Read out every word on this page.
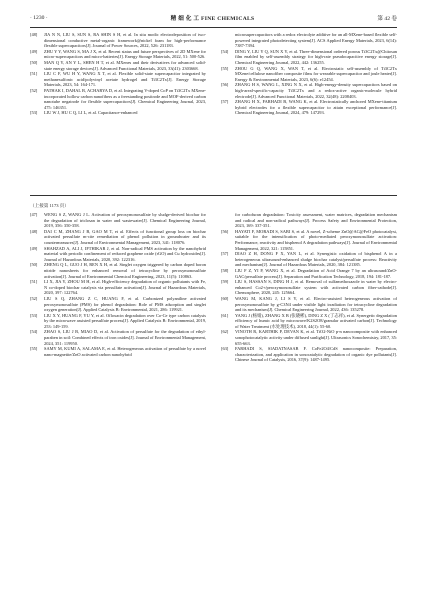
· 1230 ·	精 细 化 工 FINE CHEMICALS	第 42 卷
[48]	JIA N N, LIU S, SUN S, RA SHIN S H, et al. In situ modic electrodeposition of two-dimensional conductive metal-organic framework@nickel foam for high-performance flexible supercapacitors[J]. Journal of Power Sources, 2022, 526: 231183.
[49]	ZHU Y Y, WANG S, MA J X, et al. Recent status and future perspectives of 2D MXene for micro-supercapacitors and micro-batteries[J]. Energy Storage Materials, 2022, 51: 500-526.
[50]	MAN Q Y, AN Y L, SHEN H T, et al. MXenes and their derivatives for advanced solid-state energy storage devices[J]. Advanced Functional Materials, 2023, 33(41): 2303668.
[51]	LIU C F, WU H Y, WANG X T, et al. Flexible solid-state supercapacitor integrated by methanesulfonic acid/polyvinyl acetate hydrogel and Ti3C2Tx[J]. Energy Storage Materials, 2023, 54: 164-171.
[52]	PATHAK I, DAHAL B, ACHARYA D, et al. Integrating V-doped CoP on Ti3C2Tx MXene-incorporated hollow carbon nanofibers as a freestanding positrode and MOF-derived carbon nanotube negatrode for flexible supercapacitors[J]. Chemical Engineering Journal, 2023, 475: 146351.
[53]	LIU W J, HU C Q, LI L, et al. Capacitance-enhanced
microsupercapacitors with a redox electrolyte additive for an all-MXene-based flexible self-powered integrated photodetecting system[J]. ACS Applied Energy Materials, 2023, 6(14): 7387-7394.
[54]	DING Y, LIU Y Q, SUN X Y, et al. Three-dimensional ordered porous Ti3C2Tx@Chitosan film enabled by self-assembly strategy for high-rate pseudocapacitive energy storage[J]. Chemical Engineering Journal, 2022, 442: 136255.
[55]	ZHOU G Q, WANG X, WAN T, et al. Electrostatic self-assembly of Ti3C2Tx MXene/cellulose nanofiber composite films for wearable supercapacitor and joule heater[J]. Energy & Environmental Materials, 2023, 6(6): e12454.
[56]	ZHANG H S, WANG L, XING N X, et al. High-energy-density supercapacitors based on high-areal-specific-capacity Ti3C2Tx and a redox-active organic-molecule hybrid electrode[J]. Advanced Functional Materials, 2022, 32(48): 2208403.
[57]	ZHANG H X, FARHADI B, WANG K, et al. Electrostatically anchored MXene-titanium hybrid electrodes for a flexible supercapacitor to attain exceptional performance[J]. Chemical Engineering Journal, 2024, 479: 147293.
（上接第 1173 页）
[47]	WENG S Z, WANG J L. Activation of peroxymonosulfate by sludge-derived biochar for the degradation of triclosan in water and wastewater[J]. Chemical Engineering Journal, 2019, 356: 350-358.
[48]	DAI C M, ZHANG J B, GAO M T, et al. Effects of functional group loss on biochar activated persulfate m-cite remediation of phenol pollution in groundwater and its countermeasures[J]. Journal of Environmental Management, 2023, 341: 118076.
[49]	SHAHZAD A, ALI J, IFTHIKAR J, et al. Non-radical PMS activation by the nanohybrid material with periodic confinement of reduced graphene oxide (rGO) and Cu hydroxides[J]. Journal of Hazardous Materials, 2020, 392: 122316.
[50]	ZHENG Q L, GUO J H, REN X H, et al. Singlet oxygen triggered by carbon doped boron nitride nanosheets for enhanced removal of tetracycline by peroxymonosulfate activation[J]. Journal of Environmental Chemical Engineering, 2023, 11(5): 110863.
[51]	LI X, JIA Y, ZHOU M H, et al. High-efficiency degradation of organic pollutants with Fe, N co-doped biochar catalysts via persulfate activation[J]. Journal of Hazardous Materials, 2020, 397: 122764.
[52]	LIU S Q, ZHANG Z C, HUANG F, et al. Carbonized polyaniline activated peroxymonosulfate (PMS) for phenol degradation: Role of PMS adsorption and singlet oxygen generation[J]. Applied Catalysis B: Environmental, 2021, 286: 119921.
[53]	LIU X Y, HUANG F, YU Y, et al. Ofloxacin degradation over Co-Ce type carbon catalysts by the microwave assisted persulfate process[J]. Applied Catalysis B: Environmental, 2019, 253: 149-159.
[54]	ZHAO S, LIU J B, MIAO D, et al. Activation of persulfate for the degradation of ethyl-paraben in soil: Combined effects of iron oxides[J]. Journal of Environmental Management, 2024, 351: 119950.
[55]	SAMY M, KUMI A, SALAMA E, et al. Heterogeneous activation of persulfate by a novel nano-magnetite/ZnO activated carbon nanohybrid
for carbofuran degradation: Toxicity assessment, water matrices, degradation mechanism and radical and non-radical pathways[J]. Process Safety and Environmental Protection, 2023, 169: 337-351.
[56]	HAYATI F, MORADI S, SABI S, et al. A novel, Z-scheme ZnO@AC@FeO photocatalyst, suitable for the intensification of photo-mediated peroxymonosulfate activation: Performance, reactivity and bisphenol A degradation pathways[J]. Journal of Environmental Management, 2022, 321: 115851.
[57]	DIAO Z H, DONG F X, YAN L, et al. Synergistic oxidation of bisphenol A in a heterogeneous ultrasound-enhanced sludge biochar catalyst/persulfate process: Reactivity and mechanism[J]. Journal of Hazardous Materials, 2020, 384: 121385.
[58]	LIU F Z, YI P, WANG X, et al. Degradation of Acid Orange 7 by an ultrasound/ZnO-GAC/persulfate process[J]. Separation and Purification Technology, 2018, 194: 181-187.
[59]	LIU S, HASSAN S, DING H J, et al. Removal of sulfamethoxazole in water by electro-enhanced Co2+/peroxymonosulfate system with activated carbon fiber-cathode[J]. Chemosphere, 2020, 245: 125664.
[60]	WANG M, KANG J, LI S Y, et al. Electro-assisted heterogeneous activation of peroxymonosulfate by g-C3N4 under visible light irradiation for tetracycline degradation and its mechanism[J]. Chemical Engineering Journal, 2022, 436: 135278.
[61]	YANG J (杨娟), ZHANG X B (张晓彬), DING Z X (丁志祥), et al. Synergetic degradation efficiency of humic acid by microwave/K2S2O8/granular activated carbon[J]. Technology of Water Treatment (水处理技术), 2018, 44(1): 55-60.
[62]	VINOTH R, KARTHIK P, DEVAN K, et al. TiO2-NiO p-n nanocomposite with enhanced sonophotocatalytic activity under diffused sunlight[J]. Ultrasonics Sonochemistry, 2017, 35: 655-663.
[63]	FARHADI S, SIADATNASAB F. CoFe2O4/CdS nanocomposite: Preparation, characterization, and application in sonocatalytic degradation of organic dye pollutants[J]. Chinese Journal of Catalysis, 2016, 37(9): 1487-1495.
